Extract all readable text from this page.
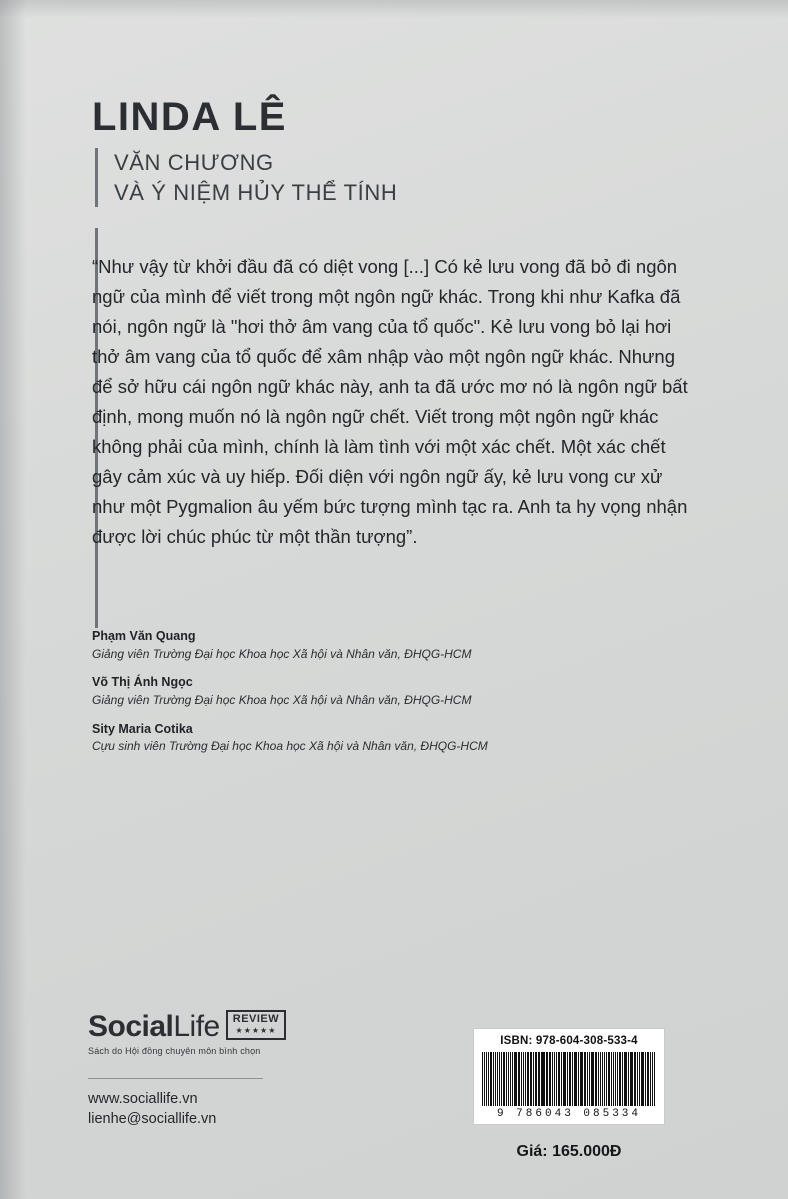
LINDA LÊ
VĂN CHƯƠNG
VÀ Ý NIỆM HỦY THỂ TÍNH
“Như vậy từ khởi đầu đã có diệt vong [...] Có kẻ lưu vong đã bỏ đi ngôn ngữ của mình để viết trong một ngôn ngữ khác. Trong khi như Kafka đã nói, ngôn ngữ là "hơi thở âm vang của tổ quốc". Kẻ lưu vong bỏ lại hơi thở âm vang của tổ quốc để xâm nhập vào một ngôn ngữ khác. Nhưng để sở hữu cái ngôn ngữ khác này, anh ta đã ước mơ nó là ngôn ngữ bất định, mong muốn nó là ngôn ngữ chết. Viết trong một ngôn ngữ khác không phải của mình, chính là làm tình với một xác chết. Một xác chết gây cảm xúc và uy hiếp. Đối diện với ngôn ngữ ấy, kẻ lưu vong cư xử như một Pygmalion âu yếm bức tượng mình tạc ra. Anh ta hy vọng nhận được lời chúc phúc từ một thần tượng”.
Phạm Văn Quang
Giảng viên Trường Đại học Khoa học Xã hội và Nhân văn, ĐHQG-HCM
Võ Thị Ánh Ngọc
Giảng viên Trường Đại học Khoa học Xã hội và Nhân văn, ĐHQG-HCM
Sity Maria Cotika
Cựu sinh viên Trường Đại học Khoa học Xã hội và Nhân văn, ĐHQG-HCM
SocialLife REVIEW
★★★★★
Sách do Hội đồng chuyên môn bình chọn
www.sociallife.vn
lienhe@sociallife.vn
ISBN: 978-604-308-533-4
9 786043 085334
Giá: 165.000Đ
